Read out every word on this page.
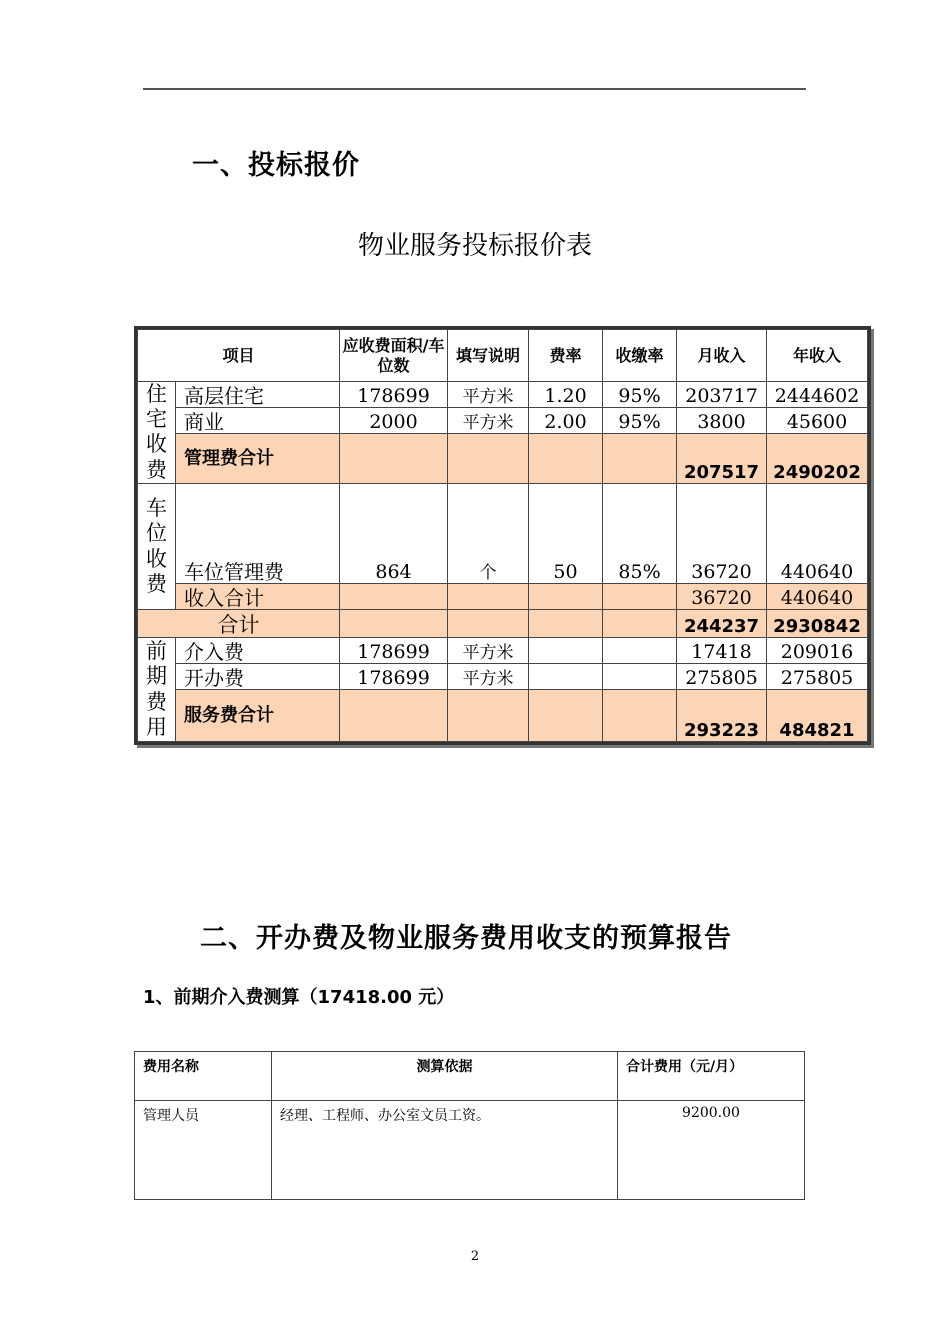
一、投标报价
物业服务投标报价表
项目		应收费面积/车位数	填写说明	费率	收缴率	月收入	年收入

住
宅
收
费	高层住宅	178699	平方米	1.20	95%	203717	2444602
	商业	2000	平方米	2.00	95%	3800	45600
	管理费合计					207517	2490202

车
位
收
费	车位管理费	864	个	50	85%	36720	440640
	收入合计					36720	440640
合计						244237	2930842

前
期
费
用	介入费	178699	平方米			17418	209016
	开办费	178699	平方米			275805	275805
	服务费合计					293223	484821
二、开办费及物业服务费用收支的预算报告
1、前期介入费测算（17418.00 元）
费用名称	测算依据	合计费用（元/月）
管理人员	经理、工程师、办公室文员工资。	9200.00
2
